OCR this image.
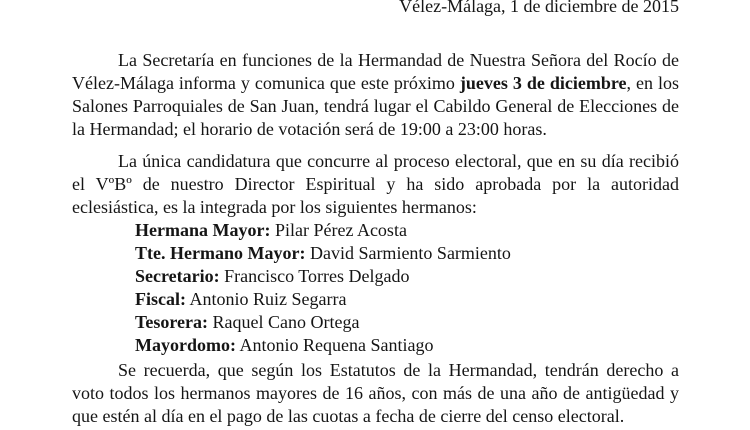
Vélez-Málaga, 1 de diciembre de 2015

La Secretaría en funciones de la Hermandad de Nuestra Señora del Rocío de Vélez-Málaga informa y comunica que este próximo jueves 3 de diciembre, en los Salones Parroquiales de San Juan, tendrá lugar el Cabildo General de Elecciones de la Hermandad; el horario de votación será de 19:00 a 23:00 horas.

La única candidatura que concurre al proceso electoral, que en su día recibió el VºBº de nuestro Director Espiritual y ha sido aprobada por la autoridad eclesiástica, es la integrada por los siguientes hermanos:

Hermana Mayor: Pilar Pérez Acosta
Tte. Hermano Mayor: David Sarmiento Sarmiento
Secretario: Francisco Torres Delgado
Fiscal: Antonio Ruiz Segarra
Tesorera: Raquel Cano Ortega
Mayordomo: Antonio Requena Santiago

Se recuerda, que según los Estatutos de la Hermandad, tendrán derecho a voto todos los hermanos mayores de 16 años, con más de una año de antigüedad y que estén al día en el pago de las cuotas a fecha de cierre del censo electoral.
